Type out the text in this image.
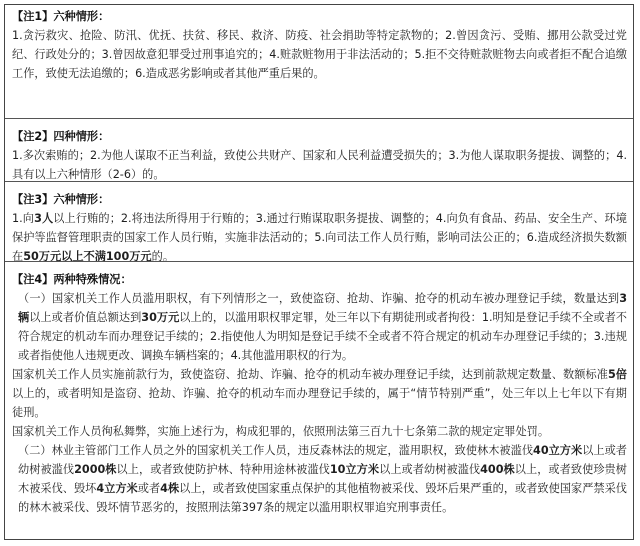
【注1】六种情形：

1.贪污救灾、抢险、防汛、优抚、扶贫、移民、救济、防疫、社会捐助等特定款物的；2.曾因贪污、受贿、挪用公款受过党纪、行政处分的；3.曾因故意犯罪受过刑事追究的；4.赃款赃物用于非法活动的；5.拒不交待赃款赃物去向或者拒不配合追缴工作，致使无法追缴的；6.造成恶劣影响或者其他严重后果的。

【注2】四种情形：

1.多次索贿的；2.为他人谋取不正当利益，致使公共财产、国家和人民利益遭受损失的；3.为他人谋取职务提拔、调整的；4.具有以上六种情形（2-6）的。

【注3】六种情形：

1.向3人以上行贿的；2.将违法所得用于行贿的；3.通过行贿谋取职务提拔、调整的；4.向负有食品、药品、安全生产、环境保护等监督管理职责的国家工作人员行贿，实施非法活动的；5.向司法工作人员行贿，影响司法公正的；6.造成经济损失数额在50万元以上不满100万元的。

【注4】两种特殊情况：

（一）国家机关工作人员滥用职权，有下列情形之一，致使盗窃、抢劫、诈骗、抢夺的机动车被办理登记手续，数量达到3辆以上或者价值总额达到30万元以上的，以滥用职权罪定罪，处三年以下有期徒刑或者拘役：1.明知是登记手续不全或者不符合规定的机动车而办理登记手续的；2.指使他人为明知是登记手续不全或者不符合规定的机动车办理登记手续的；3.违规或者指使他人违规更改、调换车辆档案的；4.其他滥用职权的行为。

国家机关工作人员实施前款行为，致使盗窃、抢劫、诈骗、抢夺的机动车被办理登记手续，达到前款规定数量、数额标准5倍以上的，或者明知是盗窃、抢劫、诈骗、抢夺的机动车而办理登记手续的，属于“情节特别严重”，处三年以上七年以下有期徒刑。

国家机关工作人员徇私舞弊，实施上述行为，构成犯罪的，依照刑法第三百九十七条第二款的规定定罪处罚。

（二）林业主管部门工作人员之外的国家机关工作人员，违反森林法的规定，滥用职权，致使林木被滥伐40立方米以上或者幼树被滥伐2000株以上，或者致使防护林、特种用途林被滥伐10立方米以上或者幼树被滥伐400株以上，或者致使珍贵树木被采伐、毁坏4立方米或者4株以上，或者致使国家重点保护的其他植物被采伐、毁坏后果严重的，或者致使国家严禁采伐的林木被采伐、毁坏情节恶劣的，按照刑法第397条的规定以滥用职权罪追究刑事责任。
